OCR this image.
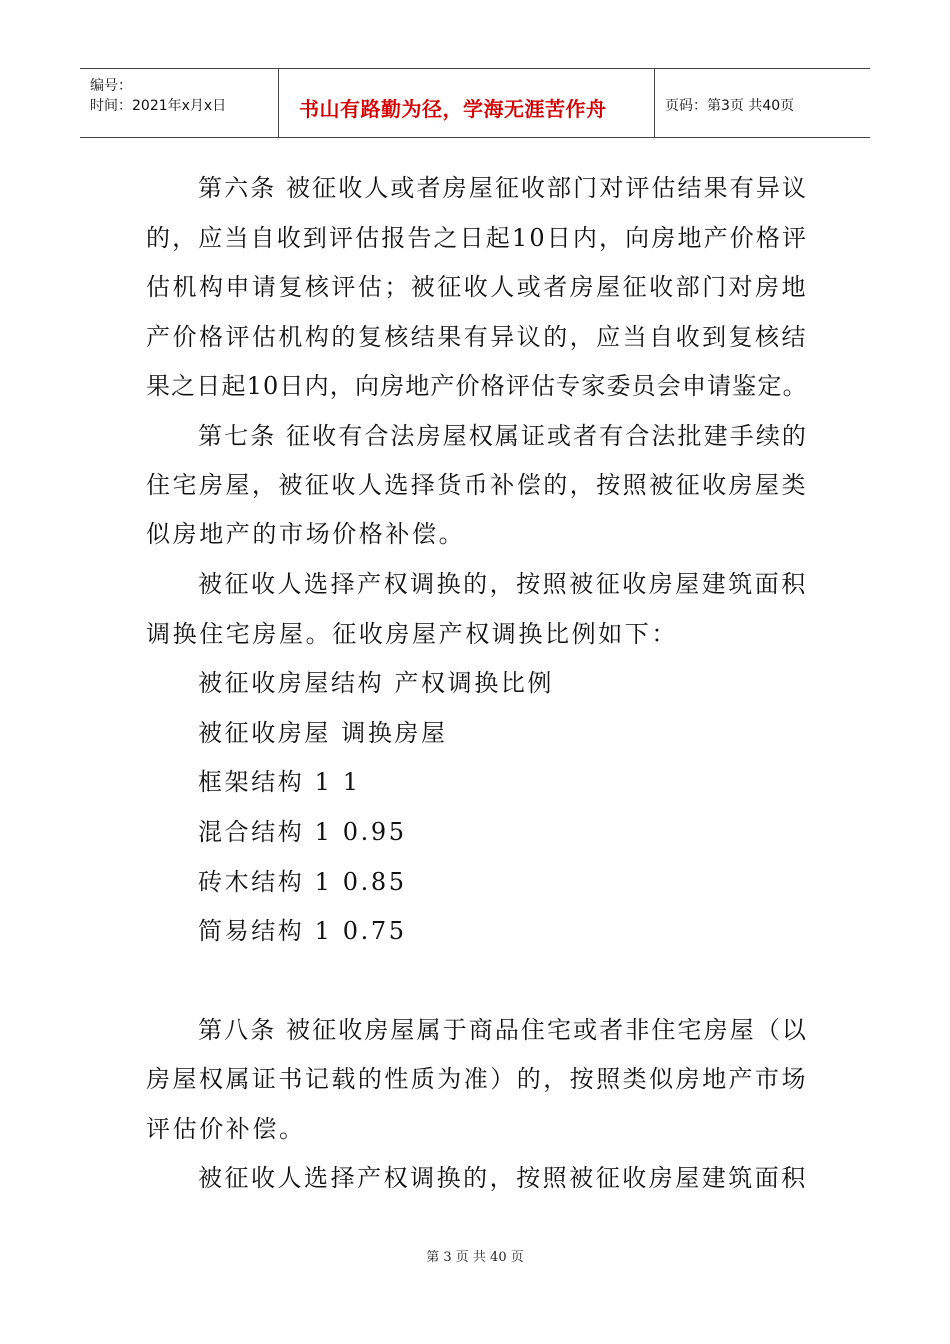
编号：
时间：2021年x月x日	书山有路勤为径，学海无涯苦作舟	页码：第3页 共40页
第六条 被征收人或者房屋征收部门对评估结果有异议
的，应当自收到评估报告之日起10日内，向房地产价格评
估机构申请复核评估；被征收人或者房屋征收部门对房地
产价格评估机构的复核结果有异议的，应当自收到复核结
果之日起10日内，向房地产价格评估专家委员会申请鉴定。
第七条 征收有合法房屋权属证或者有合法批建手续的
住宅房屋，被征收人选择货币补偿的，按照被征收房屋类
似房地产的市场价格补偿。
被征收人选择产权调换的，按照被征收房屋建筑面积
调换住宅房屋。征收房屋产权调换比例如下：
被征收房屋结构 产权调换比例
被征收房屋 调换房屋
框架结构 1 1
混合结构 1 0.95
砖木结构 1 0.85
简易结构 1 0.75
第八条 被征收房屋属于商品住宅或者非住宅房屋（以
房屋权属证书记载的性质为准）的，按照类似房地产市场
评估价补偿。
被征收人选择产权调换的，按照被征收房屋建筑面积
第 3 页 共 40 页
